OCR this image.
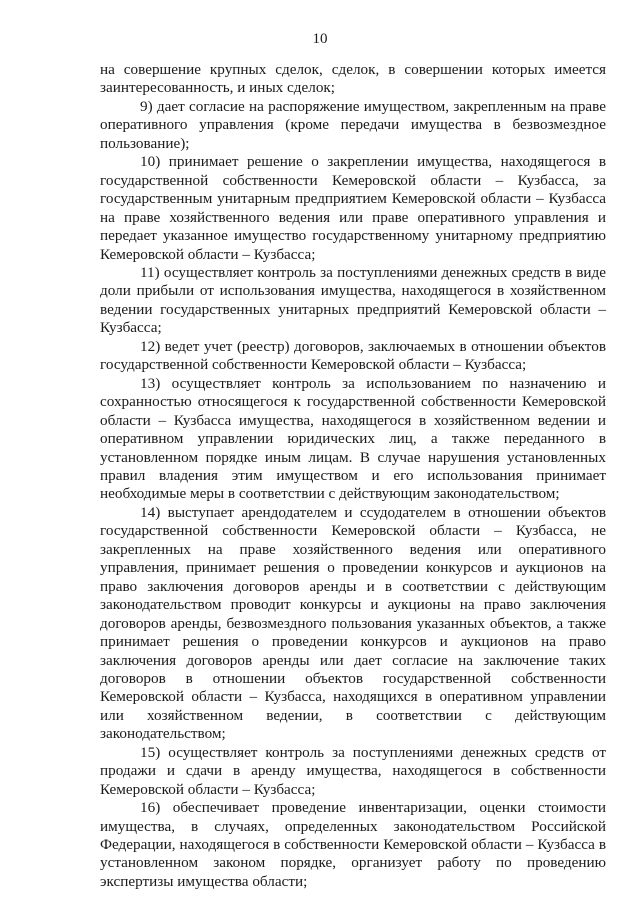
10

на совершение крупных сделок, сделок, в совершении которых имеется заинтересованность, и иных сделок;

9) дает согласие на распоряжение имуществом, закрепленным на праве оперативного управления (кроме передачи имущества в безвозмездное пользование);

10) принимает решение о закреплении имущества, находящегося в государственной собственности Кемеровской области – Кузбасса, за государственным унитарным предприятием Кемеровской области – Кузбасса на праве хозяйственного ведения или праве оперативного управления и передает указанное имущество государственному унитарному предприятию Кемеровской области – Кузбасса;

11) осуществляет контроль за поступлениями денежных средств в виде доли прибыли от использования имущества, находящегося в хозяйственном ведении государственных унитарных предприятий Кемеровской области – Кузбасса;

12) ведет учет (реестр) договоров, заключаемых в отношении объектов государственной собственности Кемеровской области – Кузбасса;

13) осуществляет контроль за использованием по назначению и сохранностью относящегося к государственной собственности Кемеровской области – Кузбасса имущества, находящегося в хозяйственном ведении и оперативном управлении юридических лиц, а также переданного в установленном порядке иным лицам. В случае нарушения установленных правил владения этим имуществом и его использования принимает необходимые меры в соответствии с действующим законодательством;

14) выступает арендодателем и ссудодателем в отношении объектов государственной собственности Кемеровской области – Кузбасса, не закрепленных на праве хозяйственного ведения или оперативного управления, принимает решения о проведении конкурсов и аукционов на право заключения договоров аренды и в соответствии с действующим законодательством проводит конкурсы и аукционы на право заключения договоров аренды, безвозмездного пользования указанных объектов, а также принимает решения о проведении конкурсов и аукционов на право заключения договоров аренды или дает согласие на заключение таких договоров в отношении объектов государственной собственности Кемеровской области – Кузбасса, находящихся в оперативном управлении или хозяйственном ведении, в соответствии с действующим законодательством;

15) осуществляет контроль за поступлениями денежных средств от продажи и сдачи в аренду имущества, находящегося в собственности Кемеровской области – Кузбасса;

16) обеспечивает проведение инвентаризации, оценки стоимости имущества, в случаях, определенных законодательством Российской Федерации, находящегося в собственности Кемеровской области – Кузбасса в установленном законом порядке, организует работу по проведению экспертизы имущества области;
